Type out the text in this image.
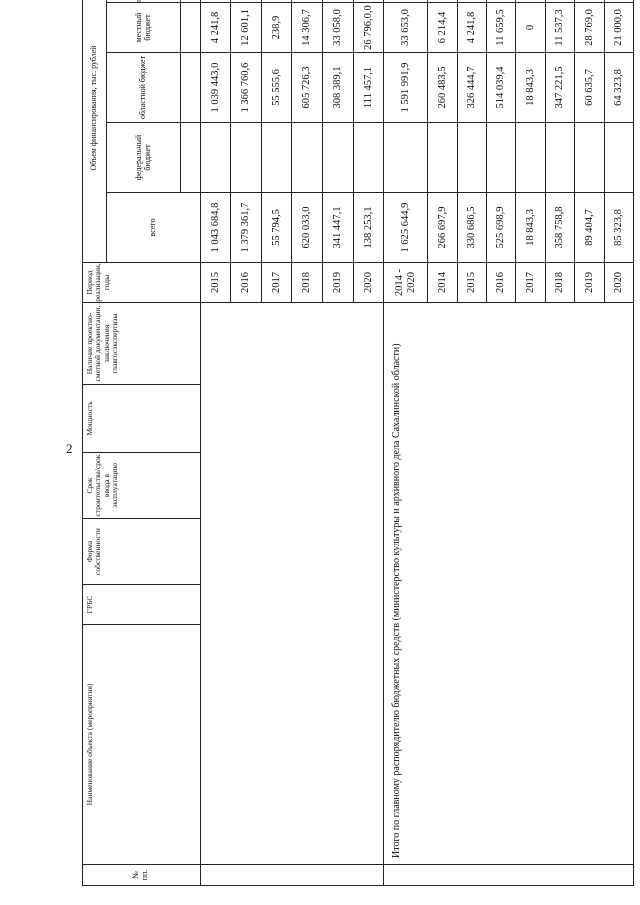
2
№ пп.	Наименование объекта (мероприятия)	ГРБС	Форма собственности	Срок строительства/срок ввода в эксплуатацию	Мощность	Наличие проектно-сметной документации, заключения главгосэкспертизы	Период реализации, годы	Объем финансирования, тыс. рублей	
								всего	федеральный бюджет	областной бюджет	местный бюджет	

							2015	1 043 684,8		1 039 443,0	4 241,8		
							2016	1 379 361,7		1 366 760,6	12 601,1		
							2017	55 794,5		55 555,6	238,9		
							2018	620 033,0		605 726,3	14 306,7		
							2019	341 447,1		308 389,1	33 058,0		
							2020	138 253,1		111 457,1	26 796,0,0		
	Итого по главному распорядителю бюджетных средств (министерство культуры и архивного дела Сахалинской области)						2014 - 2020	1 625 644,9		1 591 991,9	33 653,0		
							2014	266 697,9		260 483,5	6 214,4		
							2015	330 686,5		326 444,7	4 241,8		
							2016	525 698,9		514 039,4	11 659,5		
							2017	18 843,3		18 843,3	0		
							2018	358 758,8		347 221,5	11 537,3		
							2019	89 404,7		60 635,7	28 769,0		
							2020	85 323,8		64 323,8	21 000,0		
